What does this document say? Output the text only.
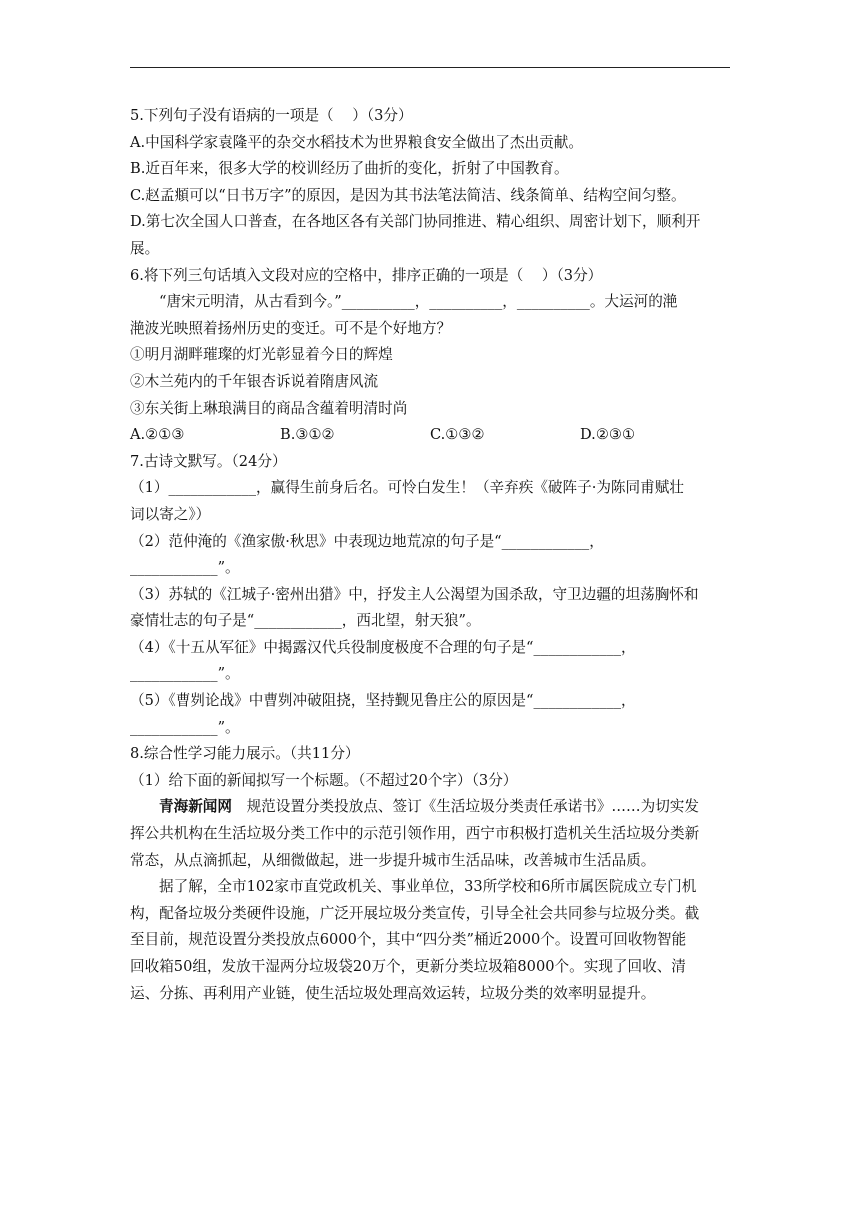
5.下列句子没有语病的一项是（    ）（3分）

A.中国科学家袁隆平的杂交水稻技术为世界粮食安全做出了杰出贡献。

B.近百年来，很多大学的校训经历了曲折的变化，折射了中国教育。

C.赵孟頫可以“日书万字”的原因，是因为其书法笔法简洁、线条简单、结构空间匀整。

D.第七次全国人口普查，在各地区各有关部门协同推进、精心组织、周密计划下，顺利开

展。

6.将下列三句话填入文段对应的空格中，排序正确的一项是（    ）（3分）

“唐宋元明清，从古看到今。”__________，__________，__________。大运河的滟

滟波光映照着扬州历史的变迁。可不是个好地方？

①明月湖畔璀璨的灯光彰显着今日的辉煌

②木兰苑内的千年银杏诉说着隋唐风流

③东关街上琳琅满目的商品含蕴着明清时尚

A.②①③	B.③①②	C.①③②	D.②③①

7.古诗文默写。（24分）

（1）____________，赢得生前身后名。可怜白发生！（辛弃疾《破阵子·为陈同甫赋壮

词以寄之》）

（2）范仲淹的《渔家傲·秋思》中表现边地荒凉的句子是“____________，

____________”。

（3）苏轼的《江城子·密州出猎》中，抒发主人公渴望为国杀敌，守卫边疆的坦荡胸怀和

豪情壮志的句子是“____________，西北望，射天狼”。

（4）《十五从军征》中揭露汉代兵役制度极度不合理的句子是“____________，

____________”。

（5）《曹刿论战》中曹刿冲破阻挠，坚持觐见鲁庄公的原因是“____________，

____________”。

8.综合性学习能力展示。（共11分）

（1）给下面的新闻拟写一个标题。（不超过20个字）（3分）

青海新闻网　规范设置分类投放点、签订《生活垃圾分类责任承诺书》……为切实发

挥公共机构在生活垃圾分类工作中的示范引领作用，西宁市积极打造机关生活垃圾分类新

常态，从点滴抓起，从细微做起，进一步提升城市生活品味，改善城市生活品质。

据了解，全市102家市直党政机关、事业单位，33所学校和6所市属医院成立专门机

构，配备垃圾分类硬件设施，广泛开展垃圾分类宣传，引导全社会共同参与垃圾分类。截

至目前，规范设置分类投放点6000个，其中“四分类”桶近2000个。设置可回收物智能

回收箱50组，发放干湿两分垃圾袋20万个，更新分类垃圾箱8000个。实现了回收、清

运、分拣、再利用产业链，使生活垃圾处理高效运转，垃圾分类的效率明显提升。
